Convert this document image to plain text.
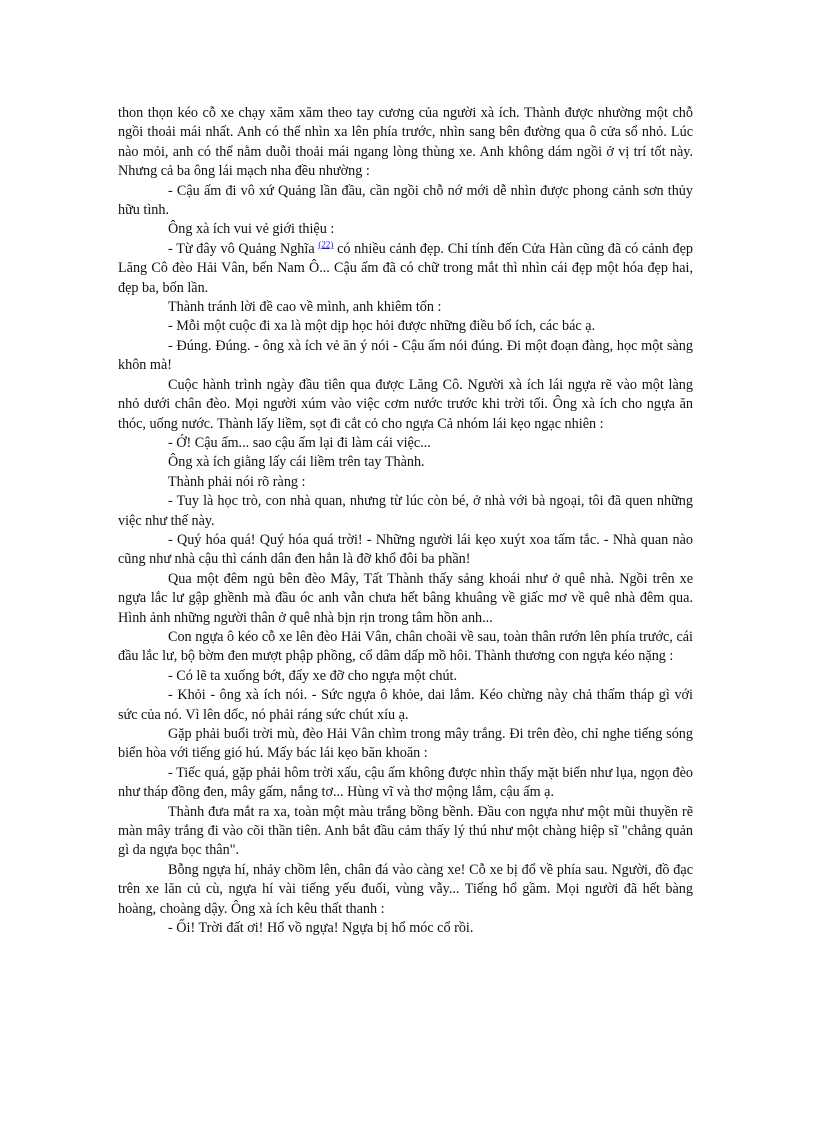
thon thọn kéo cỗ xe chạy xăm xăm theo tay cương của người xà ích. Thành được nhường một chỗ ngồi thoải mái nhất. Anh có thể nhìn xa lên phía trước, nhìn sang bên đường qua ô cửa sổ nhỏ. Lúc nào mỏi, anh có thể nằm duỗi thoải mái ngang lòng thùng xe. Anh không dám ngồi ở vị trí tốt này. Nhưng cả ba ông lái mạch nha đều nhường :

- Cậu ấm đi vô xứ Quảng lần đầu, cần ngồi chỗ nớ mới dễ nhìn được phong cảnh sơn thủy hữu tình.

Ông xà ích vui vẻ giới thiệu :

- Từ đây vô Quảng Nghĩa $^{(22)}$ có nhiều cảnh đẹp. Chỉ tính đến Cửa Hàn cũng đã có cảnh đẹp Lăng Cô đèo Hải Vân, bến Nam Ô... Cậu ấm đã có chữ trong mắt thì nhìn cái đẹp một hóa đẹp hai, đẹp ba, bốn lần.

Thành tránh lời đề cao về mình, anh khiêm tốn :

- Mỗi một cuộc đi xa là một dịp học hỏi được những điều bổ ích, các bác ạ.

- Đúng. Đúng. - ông xà ích vẻ ăn ý nói - Cậu ấm nói đúng. Đi một đoạn đàng, học một sàng khôn mà!

Cuộc hành trình ngày đầu tiên qua được Lăng Cô. Người xà ích lái ngựa rẽ vào một làng nhỏ dưới chân đèo. Mọi người xúm vào việc cơm nước trước khi trời tối. Ông xà ích cho ngựa ăn thóc, uống nước. Thành lấy liềm, sọt đi cắt cỏ cho ngựa Cả nhóm lái kẹo ngạc nhiên :

- Ớ! Cậu ấm... sao cậu ấm lại đi làm cái việc...

Ông xà ích giằng lấy cái liềm trên tay Thành.

Thành phải nói rõ ràng :

- Tuy là học trò, con nhà quan, nhưng từ lúc còn bé, ở nhà với bà ngoại, tôi đã quen những việc như thế này.

- Quý hóa quá! Quý hóa quá trời! - Những người lái kẹo xuýt xoa tấm tắc. - Nhà quan nào cũng như nhà cậu thì cánh dân đen hẳn là đỡ khổ đôi ba phần!

Qua một đêm ngủ bên đèo Mây, Tất Thành thấy sảng khoái như ở quê nhà. Ngồi trên xe ngựa lắc lư gập ghềnh mà đầu óc anh vẫn chưa hết bâng khuâng về giấc mơ về quê nhà đêm qua. Hình ảnh những người thân ở quê nhà bịn rịn trong tâm hồn anh...

Con ngựa ô kéo cỗ xe lên đèo Hải Vân, chân choãi về sau, toàn thân rướn lên phía trước, cái đầu lắc lư, bộ bờm đen mượt phập phồng, cổ dâm dấp mồ hôi. Thành thương con ngựa kéo nặng :

- Có lẽ ta xuống bớt, đẩy xe đỡ cho ngựa một chút.

- Khỏi - ông xà ích nói. - Sức ngựa ô khỏe, dai lắm. Kéo chừng này chả thấm tháp gì với sức của nó. Vì lên dốc, nó phải ráng sức chút xíu ạ.

Gặp phải buổi trời mù, đèo Hải Vân chìm trong mây trắng. Đi trên đèo, chỉ nghe tiếng sóng biển hòa với tiếng gió hú. Mấy bác lái kẹo băn khoăn :

- Tiếc quá, gặp phải hôm trời xấu, cậu ấm không được nhìn thấy mặt biển như lụa, ngọn đèo như tháp đồng đen, mây gấm, nắng tơ... Hùng vĩ và thơ mộng lắm, cậu ấm ạ.

Thành đưa mắt ra xa, toàn một màu trắng bồng bềnh. Đầu con ngựa như một mũi thuyền rẽ màn mây trắng đi vào cõi thần tiên. Anh bắt đầu cảm thấy lý thú như một chàng hiệp sĩ "chẳng quản gì da ngựa bọc thân".

Bỗng ngựa hí, nhảy chồm lên, chân đá vào càng xe! Cỗ xe bị đổ về phía sau. Người, đồ đạc trên xe lăn củ cù, ngựa hí vài tiếng yếu đuối, vùng vẫy... Tiếng hổ gầm. Mọi người đã hết bàng hoàng, choàng dậy. Ông xà ích kêu thất thanh :

- Ối! Trời đất ơi! Hổ vồ ngựa! Ngựa bị hổ móc cổ rồi.
